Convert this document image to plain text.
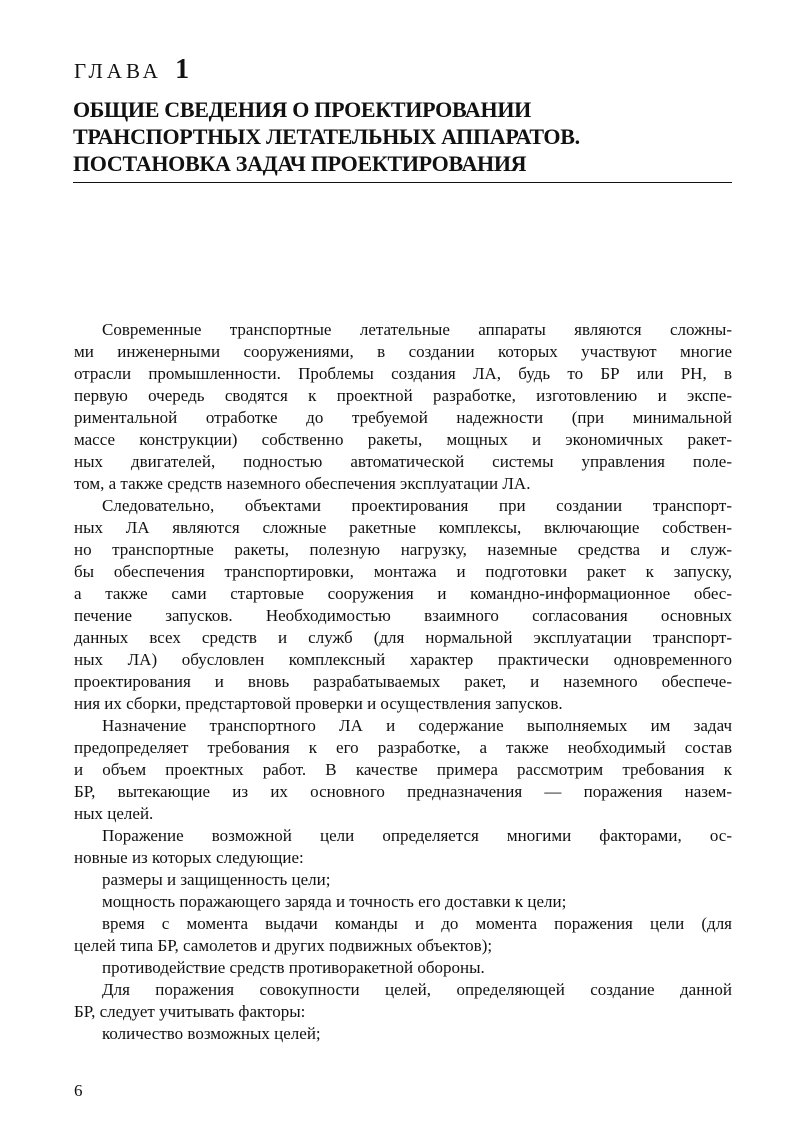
ГЛАВА 1
ОБЩИЕ СВЕДЕНИЯ О ПРОЕКТИРОВАНИИ
ТРАНСПОРТНЫХ ЛЕТАТЕЛЬНЫХ АППАРАТОВ.
ПОСТАНОВКА ЗАДАЧ ПРОЕКТИРОВАНИЯ
Современные транспортные летательные аппараты являются сложны-
ми инженерными сооружениями, в создании которых участвуют многие
отрасли промышленности. Проблемы создания ЛА, будь то БР или РН, в
первую очередь сводятся к проектной разработке, изготовлению и экспе-
риментальной отработке до требуемой надежности (при минимальной
массе конструкции) собственно ракеты, мощных и экономичных ракет-
ных двигателей, подностью автоматической системы управления поле-
том, а также средств наземного обеспечения эксплуатации ЛА.
Следовательно, объектами проектирования при создании транспорт-
ных ЛА являются сложные ракетные комплексы, включающие собствен-
но транспортные ракеты, полезную нагрузку, наземные средства и служ-
бы обеспечения транспортировки, монтажа и подготовки ракет к запуску,
а также сами стартовые сооружения и командно-информационное обес-
печение запусков. Необходимостью взаимного согласования основных
данных всех средств и служб (для нормальной эксплуатации транспорт-
ных ЛА) обусловлен комплексный характер практически одновременного
проектирования и вновь разрабатываемых ракет, и наземного обеспече-
ния их сборки, предстартовой проверки и осуществления запусков.
Назначение транспортного ЛА и содержание выполняемых им задач
предопределяет требования к его разработке, а также необходимый состав
и объем проектных работ. В качестве примера рассмотрим требования к
БР, вытекающие из их основного предназначения — поражения назем-
ных целей.
Поражение возможной цели определяется многими факторами, ос-
новные из которых следующие:
размеры и защищенность цели;
мощность поражающего заряда и точность его доставки к цели;
время с момента выдачи команды и до момента поражения цели (для
целей типа БР, самолетов и других подвижных объектов);
противодействие средств противоракетной обороны.
Для поражения совокупности целей, определяющей создание данной
БР, следует учитывать факторы:
количество возможных целей;
6
